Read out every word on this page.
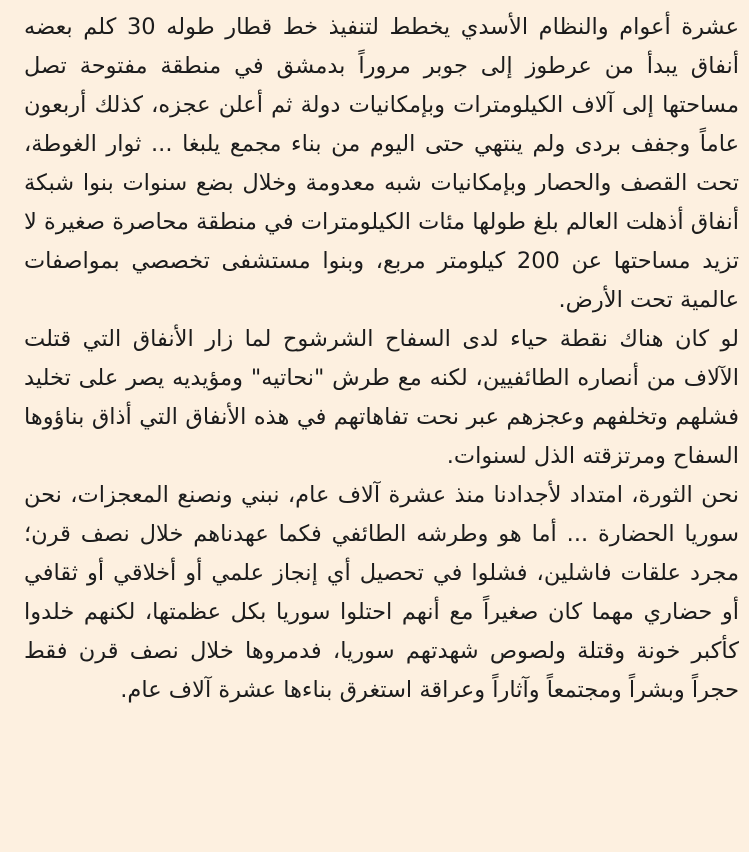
عشرة أعوام والنظام الأسدي يخطط لتنفيذ خط قطار طوله 30 كلم بعضه أنفاق يبدأ من عرطوز إلى جوبر مروراً بدمشق في منطقة مفتوحة تصل مساحتها إلى آلاف الكيلومترات وبإمكانيات دولة ثم أعلن عجزه، كذلك أربعون عاماً وجفف بردى ولم ينتهي حتى اليوم من بناء مجمع يلبغا ... ثوار الغوطة، تحت القصف والحصار وبإمكانيات شبه معدومة وخلال بضع سنوات بنوا شبكة أنفاق أذهلت العالم بلغ طولها مئات الكيلومترات في منطقة محاصرة صغيرة لا تزيد مساحتها عن 200 كيلومتر مربع، وبنوا مستشفى تخصصي بمواصفات عالمية تحت الأرض.

لو كان هناك نقطة حياء لدى السفاح الشرشوح لما زار الأنفاق التي قتلت الآلاف من أنصاره الطائفيين، لكنه مع طرش "نحاتيه" ومؤيديه يصر على تخليد فشلهم وتخلفهم وعجزهم عبر نحت تفاهاتهم في هذه الأنفاق التي أذاق بناؤوها السفاح ومرتزقته الذل لسنوات.

نحن الثورة، امتداد لأجدادنا منذ عشرة آلاف عام، نبني ونصنع المعجزات، نحن سوريا الحضارة ... أما هو وطرشه الطائفي فكما عهدناهم خلال نصف قرن؛ مجرد علقات فاشلين، فشلوا في تحصيل أي إنجاز علمي أو أخلاقي أو ثقافي أو حضاري مهما كان صغيراً مع أنهم احتلوا سوريا بكل عظمتها، لكنهم خلدوا كأكبر خونة وقتلة ولصوص شهدتهم سوريا، فدمروها خلال نصف قرن فقط حجراً وبشراً ومجتمعاً وآثاراً وعراقة استغرق بناءها عشرة آلاف عام.
